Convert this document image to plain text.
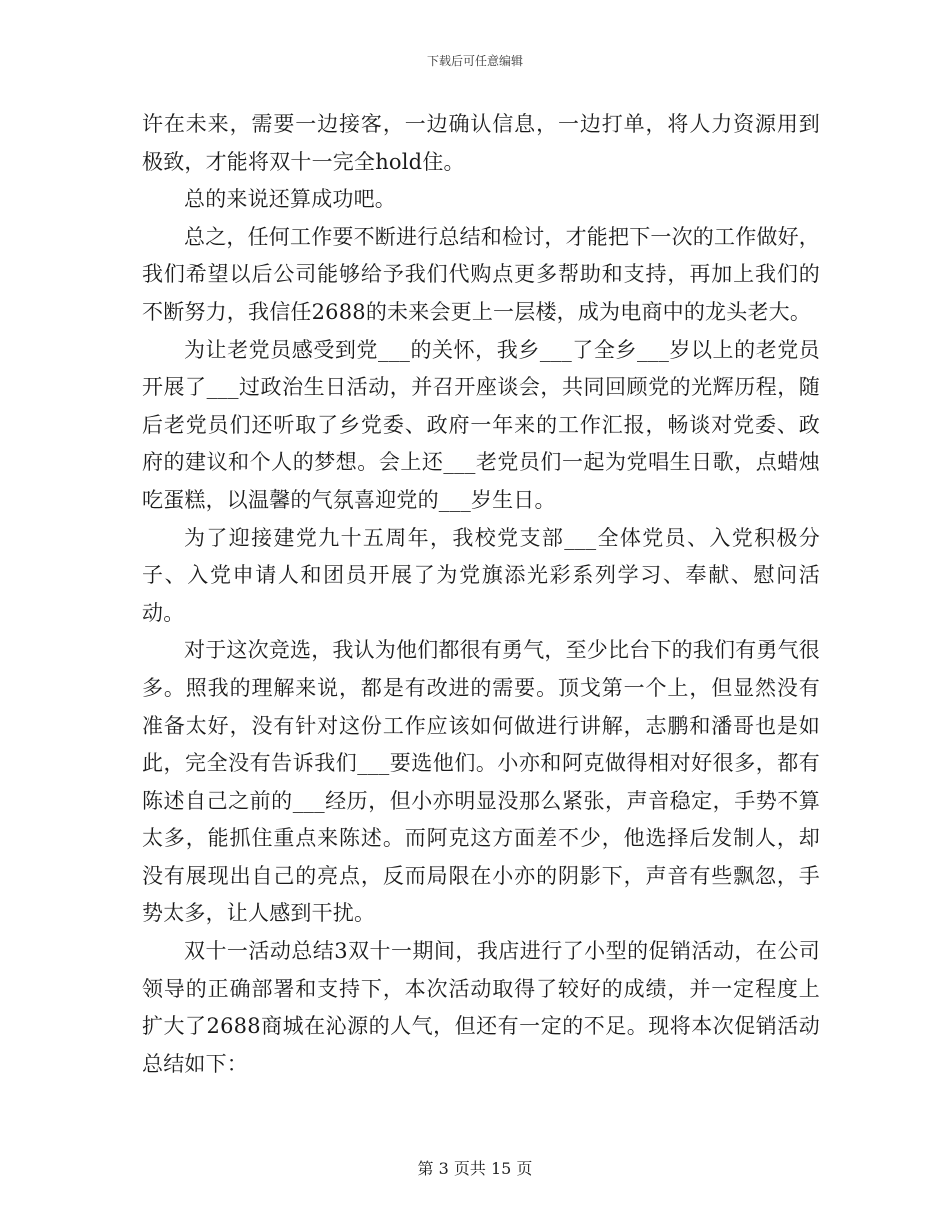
下载后可任意编辑

许在未来，需要一边接客，一边确认信息，一边打单，将人力资源用到极致，才能将双十一完全hold住。

总的来说还算成功吧。

总之，任何工作要不断进行总结和检讨，才能把下一次的工作做好，我们希望以后公司能够给予我们代购点更多帮助和支持，再加上我们的不断努力，我信任2688的未来会更上一层楼，成为电商中的龙头老大。

为让老党员感受到党___的关怀，我乡___了全乡___岁以上的老党员开展了___过政治生日活动，并召开座谈会，共同回顾党的光辉历程，随后老党员们还听取了乡党委、政府一年来的工作汇报，畅谈对党委、政府的建议和个人的梦想。会上还___老党员们一起为党唱生日歌，点蜡烛吃蛋糕，以温馨的气氛喜迎党的___岁生日。

为了迎接建党九十五周年，我校党支部___全体党员、入党积极分子、入党申请人和团员开展了为党旗添光彩系列学习、奉献、慰问活动。

对于这次竞选，我认为他们都很有勇气，至少比台下的我们有勇气很多。照我的理解来说，都是有改进的需要。顶戈第一个上，但显然没有准备太好，没有针对这份工作应该如何做进行讲解，志鹏和潘哥也是如此，完全没有告诉我们___要选他们。小亦和阿克做得相对好很多，都有陈述自己之前的___经历，但小亦明显没那么紧张，声音稳定，手势不算太多，能抓住重点来陈述。而阿克这方面差不少，他选择后发制人，却没有展现出自己的亮点，反而局限在小亦的阴影下，声音有些飘忽，手势太多，让人感到干扰。

双十一活动总结3双十一期间，我店进行了小型的促销活动，在公司领导的正确部署和支持下，本次活动取得了较好的成绩，并一定程度上扩大了2688商城在沁源的人气，但还有一定的不足。现将本次促销活动总结如下：

第 3 页共 15 页
